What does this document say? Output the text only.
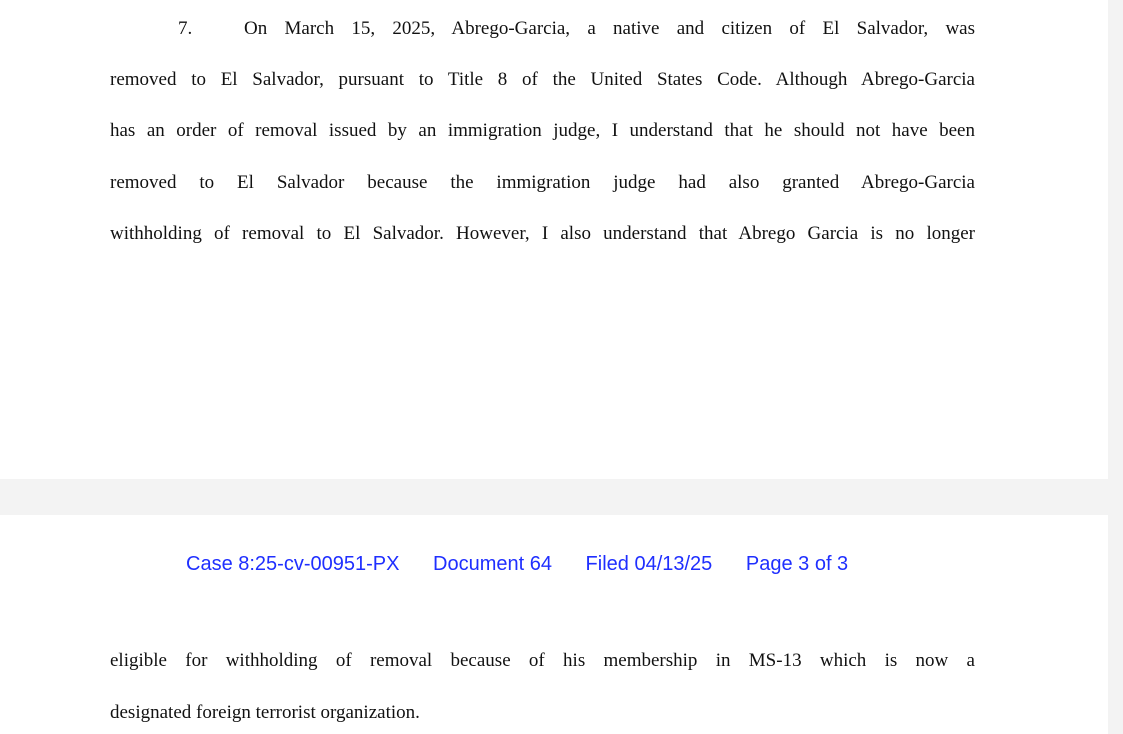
7.	On March 15, 2025, Abrego-Garcia, a native and citizen of El Salvador, was
removed to El Salvador, pursuant to Title 8 of the United States Code. Although Abrego-Garcia
has an order of removal issued by an immigration judge, I understand that he should not have been
removed to El Salvador because the immigration judge had also granted Abrego-Garcia
withholding of removal to El Salvador. However, I also understand that Abrego Garcia is no longer
Case 8:25-cv-00951-PX Document 64 Filed 04/13/25 Page 3 of 3
eligible for withholding of removal because of his membership in MS-13 which is now a
designated foreign terrorist organization.
